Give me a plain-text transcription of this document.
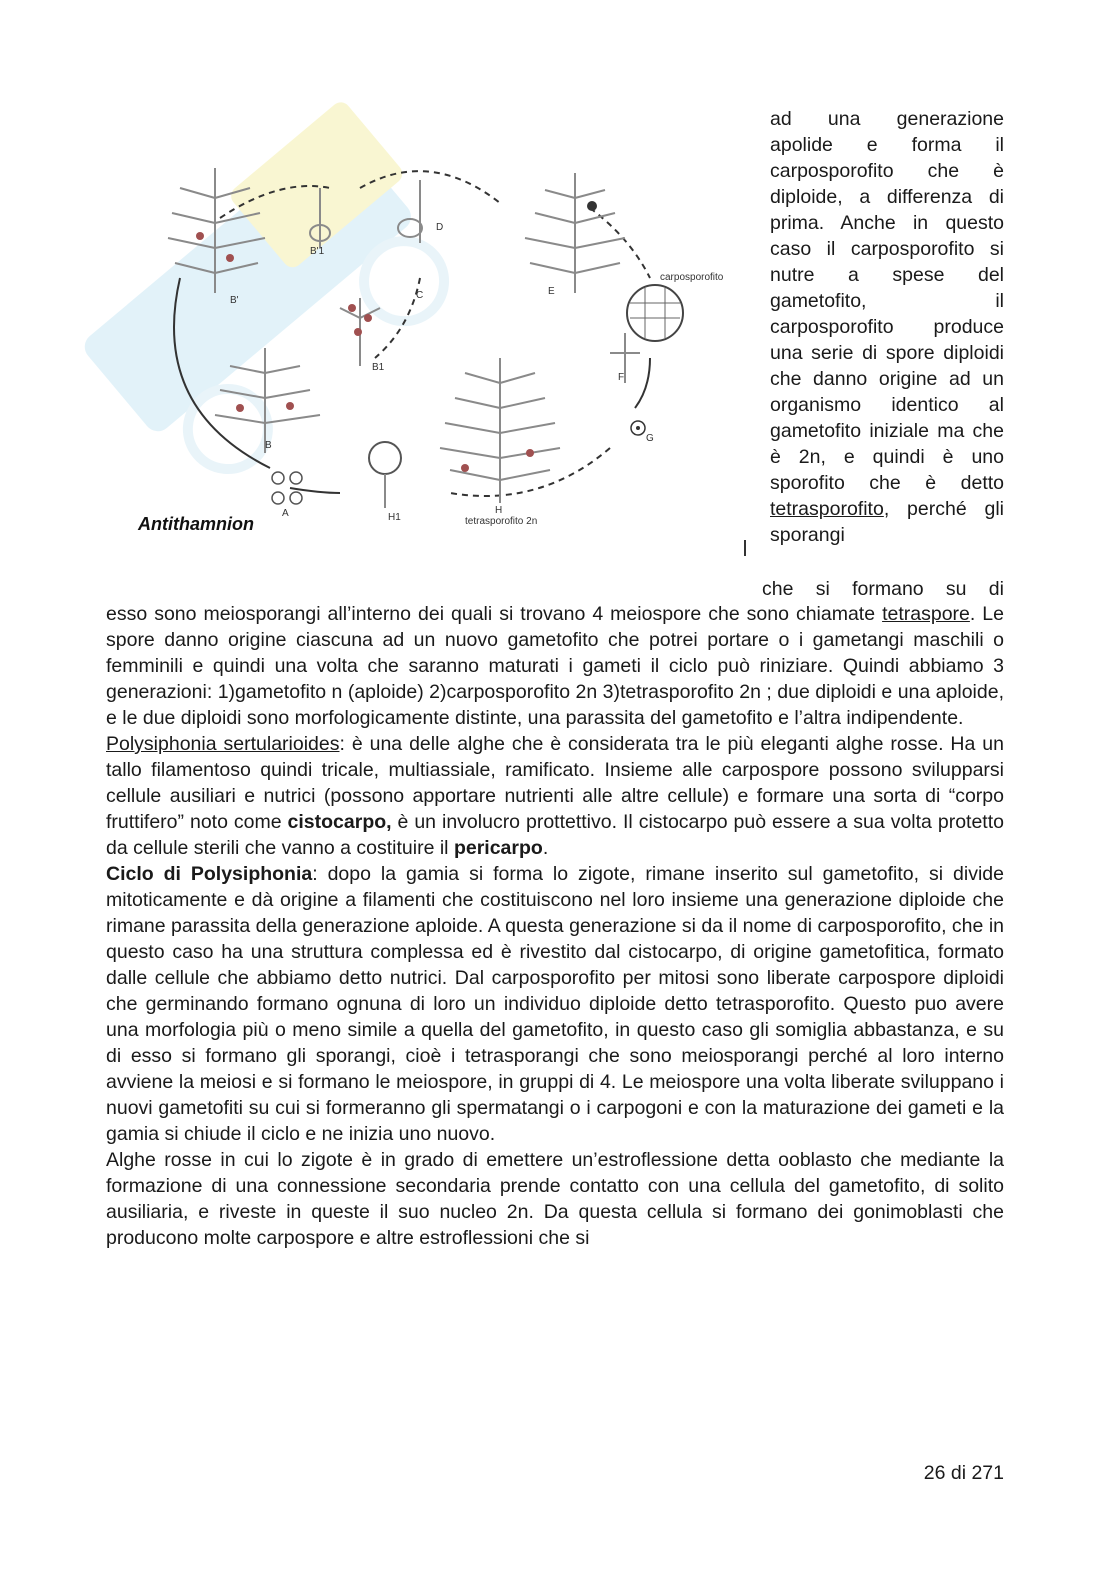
B'
B'1
C
D
E
B1
B
A	H1
H
F
G
carposporofito
tetrasporofito 2n
Antithamnion

ad una generazione apolide e forma il carposporofito che è diploide, a differenza di prima. Anche in questo caso il carposporofito si nutre a spese del gametofito, il carposporofito produce una serie di spore diploidi che danno origine ad un organismo identico al gametofito iniziale ma che è 2n, e quindi è uno sporofito che è detto tetrasporofito, perché gli sporangi

che si formano su di

esso sono meiosporangi all’interno dei quali si trovano 4 meiospore che sono chiamate tetraspore. Le spore danno origine ciascuna ad un nuovo gametofito che potrei portare o i gametangi maschili o femminili e quindi una volta che saranno maturati i gameti il ciclo può riniziare. Quindi abbiamo 3 generazioni: 1)gametofito n (aploide) 2)carposporofito 2n 3)tetrasporofito 2n ; due diploidi e una aploide, e le due diploidi sono morfologicamente distinte, una parassita del gametofito e l’altra indipendente.

Polysiphonia sertularioides: è una delle alghe che è considerata tra le più eleganti alghe rosse. Ha un tallo filamentoso quindi tricale, multiassiale, ramificato. Insieme alle carpospore possono svilupparsi cellule ausiliari e nutrici (possono apportare nutrienti alle altre cellule) e formare una sorta di “corpo fruttifero” noto come cistocarpo, è un involucro prottettivo. Il cistocarpo può essere a sua volta protetto da cellule sterili che vanno a costituire il pericarpo.

Ciclo di Polysiphonia: dopo la gamia si forma lo zigote, rimane inserito sul gametofito, si divide mitoticamente e dà origine a filamenti che costituiscono nel loro insieme una generazione diploide che rimane parassita della generazione aploide. A questa generazione si da il nome di carposporofito, che in questo caso ha una struttura complessa ed è rivestito dal cistocarpo, di origine gametofitica, formato dalle cellule che abbiamo detto nutrici. Dal carposporofito per mitosi sono liberate carpospore diploidi che germinando formano ognuna di loro un individuo diploide detto tetrasporofito. Questo puo avere una morfologia più o meno simile a quella del gametofito, in questo caso gli somiglia abbastanza, e su di esso si formano gli sporangi, cioè i tetrasporangi che sono meiosporangi perché al loro interno avviene la meiosi e si formano le meiospore, in gruppi di 4. Le meiospore una volta liberate sviluppano i nuovi gametofiti su cui si formeranno gli spermatangi o i carpogoni e con la maturazione dei gameti e la gamia si chiude il ciclo e ne inizia uno nuovo.

Alghe rosse in cui lo zigote è in grado di emettere un’estroflessione detta ooblasto che mediante la formazione di una connessione secondaria prende contatto con una cellula del gametofito, di solito ausiliaria, e riveste in queste il suo nucleo 2n. Da questa cellula si formano dei gonimoblasti che producono molte carpospore e altre estroflessioni che si

26 di 271
